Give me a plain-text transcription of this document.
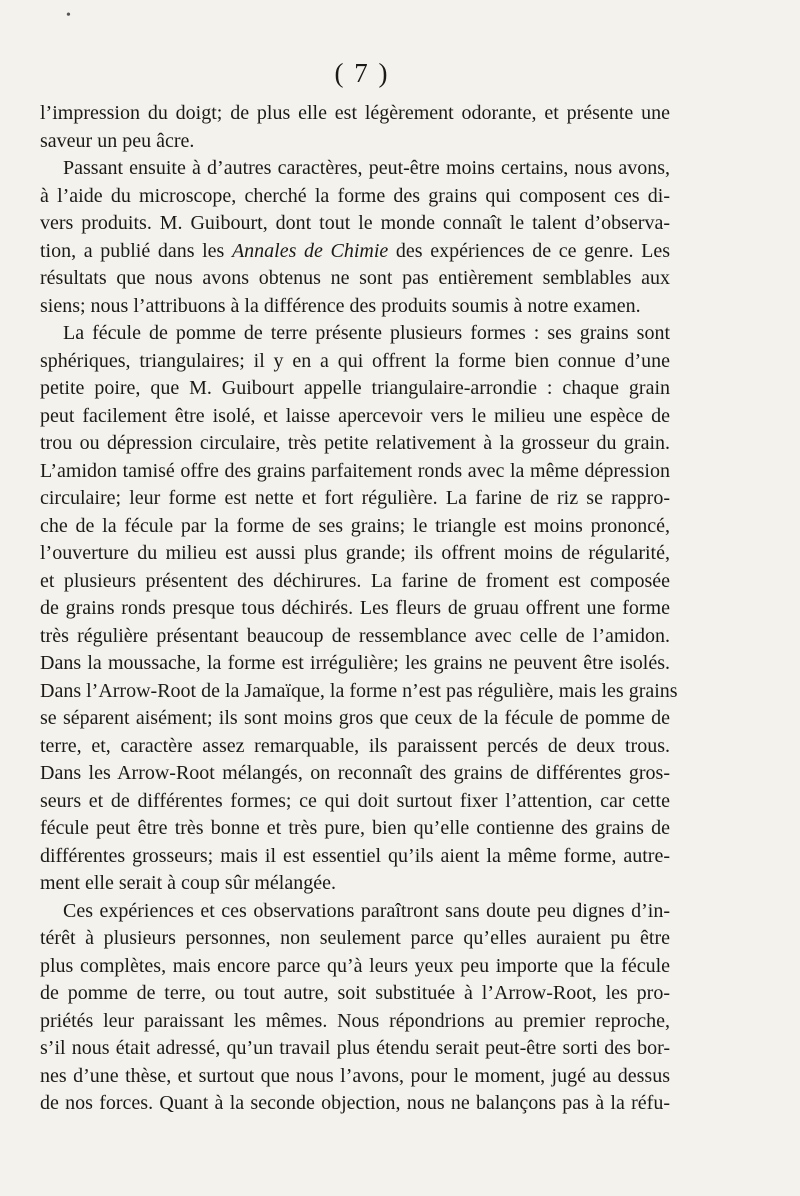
•
( 7 )
l’impression du doigt; de plus elle est légèrement odorante, et présente une
saveur un peu âcre.
Passant ensuite à d’autres caractères, peut-être moins certains, nous avons,
à l’aide du microscope, cherché la forme des grains qui composent ces di-
vers produits. M. Guibourt, dont tout le monde connaît le talent d’observa-
tion, a publié dans les Annales de Chimie des expériences de ce genre. Les
résultats que nous avons obtenus ne sont pas entièrement semblables aux
siens; nous l’attribuons à la différence des produits soumis à notre examen.
La fécule de pomme de terre présente plusieurs formes : ses grains sont
sphériques, triangulaires; il y en a qui offrent la forme bien connue d’une
petite poire, que M. Guibourt appelle triangulaire-arrondie : chaque grain
peut facilement être isolé, et laisse apercevoir vers le milieu une espèce de
trou ou dépression circulaire, très petite relativement à la grosseur du grain.
L’amidon tamisé offre des grains parfaitement ronds avec la même dépression
circulaire; leur forme est nette et fort régulière. La farine de riz se rappro-
che de la fécule par la forme de ses grains; le triangle est moins prononcé,
l’ouverture du milieu est aussi plus grande; ils offrent moins de régularité,
et plusieurs présentent des déchirures. La farine de froment est composée
de grains ronds presque tous déchirés. Les fleurs de gruau offrent une forme
très régulière présentant beaucoup de ressemblance avec celle de l’amidon.
Dans la moussache, la forme est irrégulière; les grains ne peuvent être isolés.
Dans l’Arrow-Root de la Jamaïque, la forme n’est pas régulière, mais les grains
se séparent aisément; ils sont moins gros que ceux de la fécule de pomme de
terre, et, caractère assez remarquable, ils paraissent percés de deux trous.
Dans les Arrow-Root mélangés, on reconnaît des grains de différentes gros-
seurs et de différentes formes; ce qui doit surtout fixer l’attention, car cette
fécule peut être très bonne et très pure, bien qu’elle contienne des grains de
différentes grosseurs; mais il est essentiel qu’ils aient la même forme, autre-
ment elle serait à coup sûr mélangée.
Ces expériences et ces observations paraîtront sans doute peu dignes d’in-
térêt à plusieurs personnes, non seulement parce qu’elles auraient pu être
plus complètes, mais encore parce qu’à leurs yeux peu importe que la fécule
de pomme de terre, ou tout autre, soit substituée à l’Arrow-Root, les pro-
priétés leur paraissant les mêmes. Nous répondrions au premier reproche,
s’il nous était adressé, qu’un travail plus étendu serait peut-être sorti des bor-
nes d’une thèse, et surtout que nous l’avons, pour le moment, jugé au dessus
de nos forces. Quant à la seconde objection, nous ne balançons pas à la réfu-
